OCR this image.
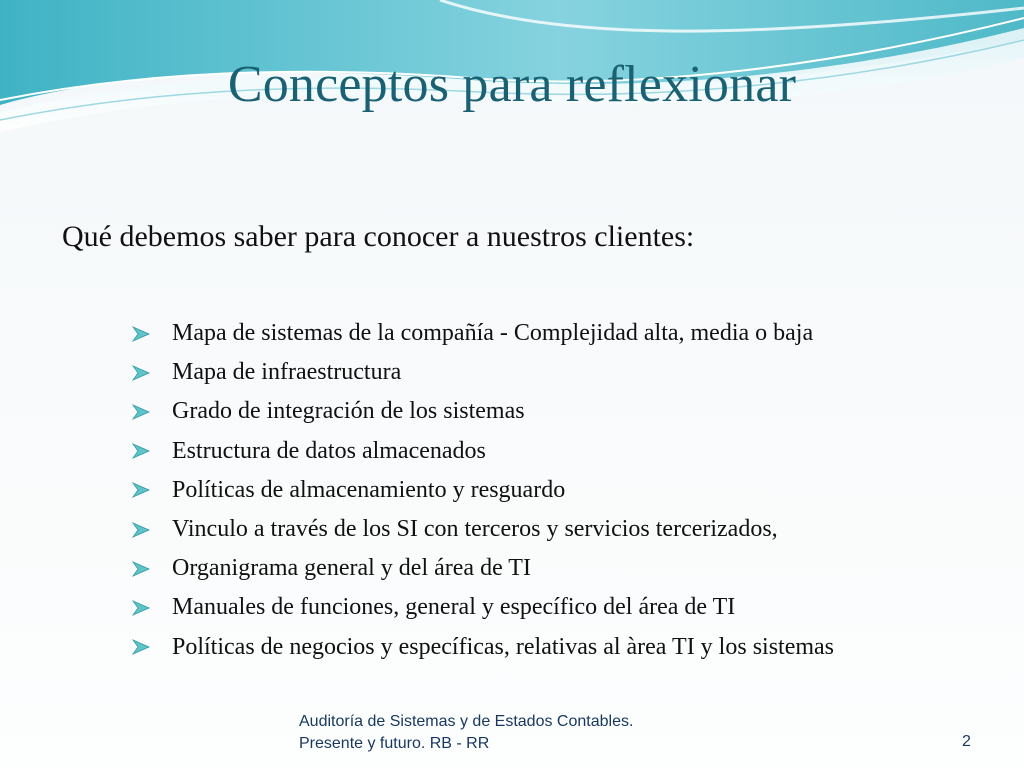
Conceptos para reflexionar

Qué debemos saber para conocer a nuestros clientes:

Mapa de sistemas de la compañía - Complejidad alta, media o baja
Mapa de infraestructura
Grado de integración de los sistemas
Estructura de datos almacenados
Políticas de almacenamiento y resguardo
Vinculo a través de los SI con terceros y servicios tercerizados,
Organigrama general y del área de TI
Manuales de funciones, general y específico del área de TI
Políticas de negocios y específicas, relativas al àrea TI y los sistemas
Auditoría de Sistemas y de Estados Contables.
Presente y futuro. RB - RR	2
